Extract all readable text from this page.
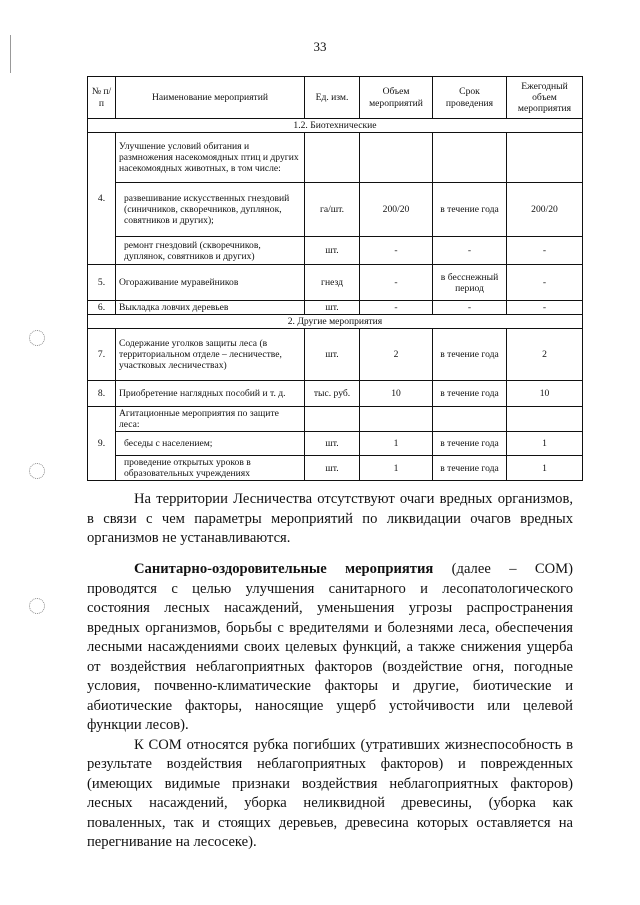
33
№ п/п	Наименование мероприятий	Ед. изм.	Объем мероприятий	Срок проведения	Ежегодный объем мероприятия
1.2. Биотехнические					
4.	Улучшение условий обитания и размножения насекомоядных птиц и других насекомоядных животных, в том числе:				
	развешивание искусственных гнездовий (синичников, скворечников, дуплянок, совятников и других);	га/шт.	200/20	в течение года	200/20
	ремонт гнездовий (скворечников, дуплянок, совятников и других)	шт.	-	-	-
5.	Огораживание муравейников	гнезд	-	в бесснежный период	-
6.	Выкладка ловчих деревьев	шт.	-	-	-
2. Другие мероприятия					
7.	Содержание уголков защиты леса (в территориальном отделе – лесничестве, участковых лесничествах)	шт.	2	в течение года	2
8.	Приобретение наглядных пособий и т. д.	тыс. руб.	10	в течение года	10
9.	Агитационные мероприятия по защите леса:				
	беседы с населением;	шт.	1	в течение года	1
	проведение открытых уроков в образовательных учреждениях	шт.	1	в течение года	1

На территории Лесничества отсутствуют очаги вредных организмов, в связи с чем параметры мероприятий по ликвидации очагов вредных организмов не устанавливаются.

Санитарно-оздоровительные мероприятия (далее – СОМ) проводятся с целью улучшения санитарного и лесопатологического состояния лесных насаждений, уменьшения угрозы распространения вредных организмов, борьбы с вредителями и болезнями леса, обеспечения лесными насаждениями своих целевых функций, а также снижения ущерба от воздействия неблагоприятных факторов (воздействие огня, погодные условия, почвенно-климатические факторы и другие, биотические и абиотические факторы, наносящие ущерб устойчивости или целевой функции лесов).

К СОМ относятся рубка погибших (утративших жизнеспособность в результате воздействия неблагоприятных факторов) и поврежденных (имеющих видимые признаки воздействия неблагоприятных факторов) лесных насаждений, уборка неликвидной древесины, (уборка как поваленных, так и стоящих деревьев, древесина которых оставляется на перегнивание на лесосеке).
